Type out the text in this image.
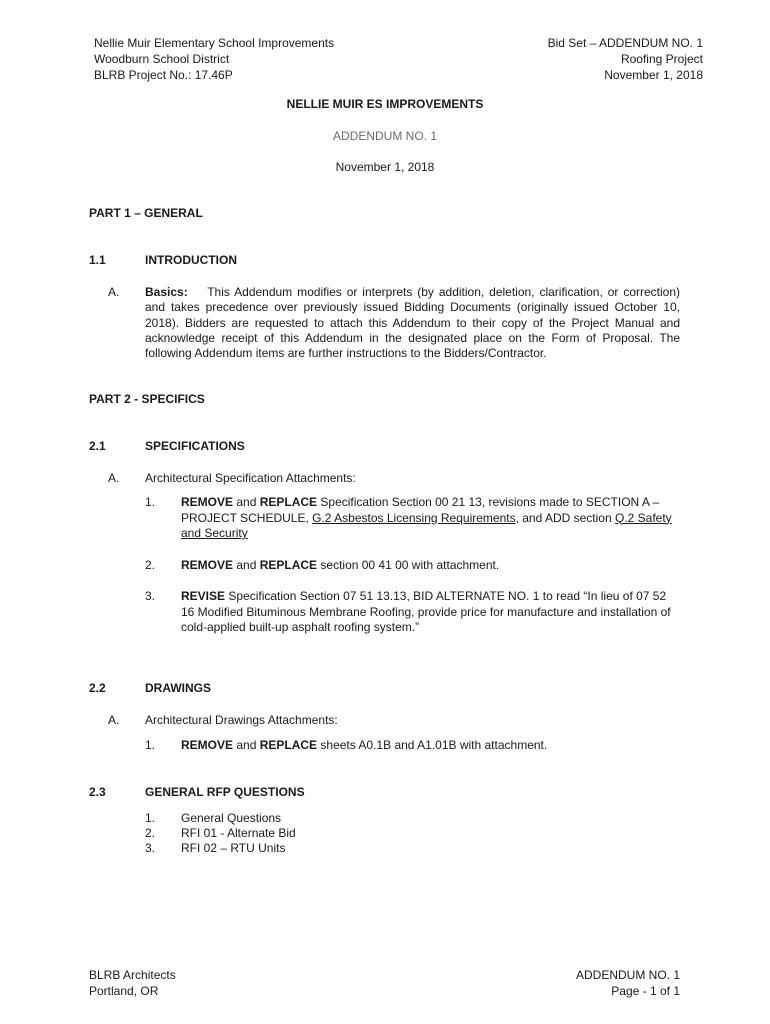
Nellie Muir Elementary School Improvements
Woodburn School District
BLRB Project No.: 17.46P
Bid Set – ADDENDUM NO. 1
Roofing Project
November 1, 2018
NELLIE MUIR ES IMPROVEMENTS
ADDENDUM NO. 1
November 1, 2018
PART 1 – GENERAL
1.1	INTRODUCTION
A. Basics: This Addendum modifies or interprets (by addition, deletion, clarification, or correction) and takes precedence over previously issued Bidding Documents (originally issued October 10, 2018). Bidders are requested to attach this Addendum to their copy of the Project Manual and acknowledge receipt of this Addendum in the designated place on the Form of Proposal. The following Addendum items are further instructions to the Bidders/Contractor.
PART 2 - SPECIFICS
2.1	SPECIFICATIONS
A. Architectural Specification Attachments:
1. REMOVE and REPLACE Specification Section 00 21 13, revisions made to SECTION A – PROJECT SCHEDULE, G.2 Asbestos Licensing Requirements, and ADD section Q.2 Safety and Security
2. REMOVE and REPLACE section 00 41 00 with attachment.
3. REVISE Specification Section 07 51 13.13, BID ALTERNATE NO. 1 to read “In lieu of 07 52 16 Modified Bituminous Membrane Roofing, provide price for manufacture and installation of cold-applied built-up asphalt roofing system.”
2.2	DRAWINGS
A. Architectural Drawings Attachments:
1. REMOVE and REPLACE sheets A0.1B and A1.01B with attachment.
2.3	GENERAL RFP QUESTIONS
1. General Questions
2. RFI 01 - Alternate Bid
3. RFI 02 – RTU Units
BLRB Architects
Portland, OR
ADDENDUM NO. 1
Page - 1 of 1
